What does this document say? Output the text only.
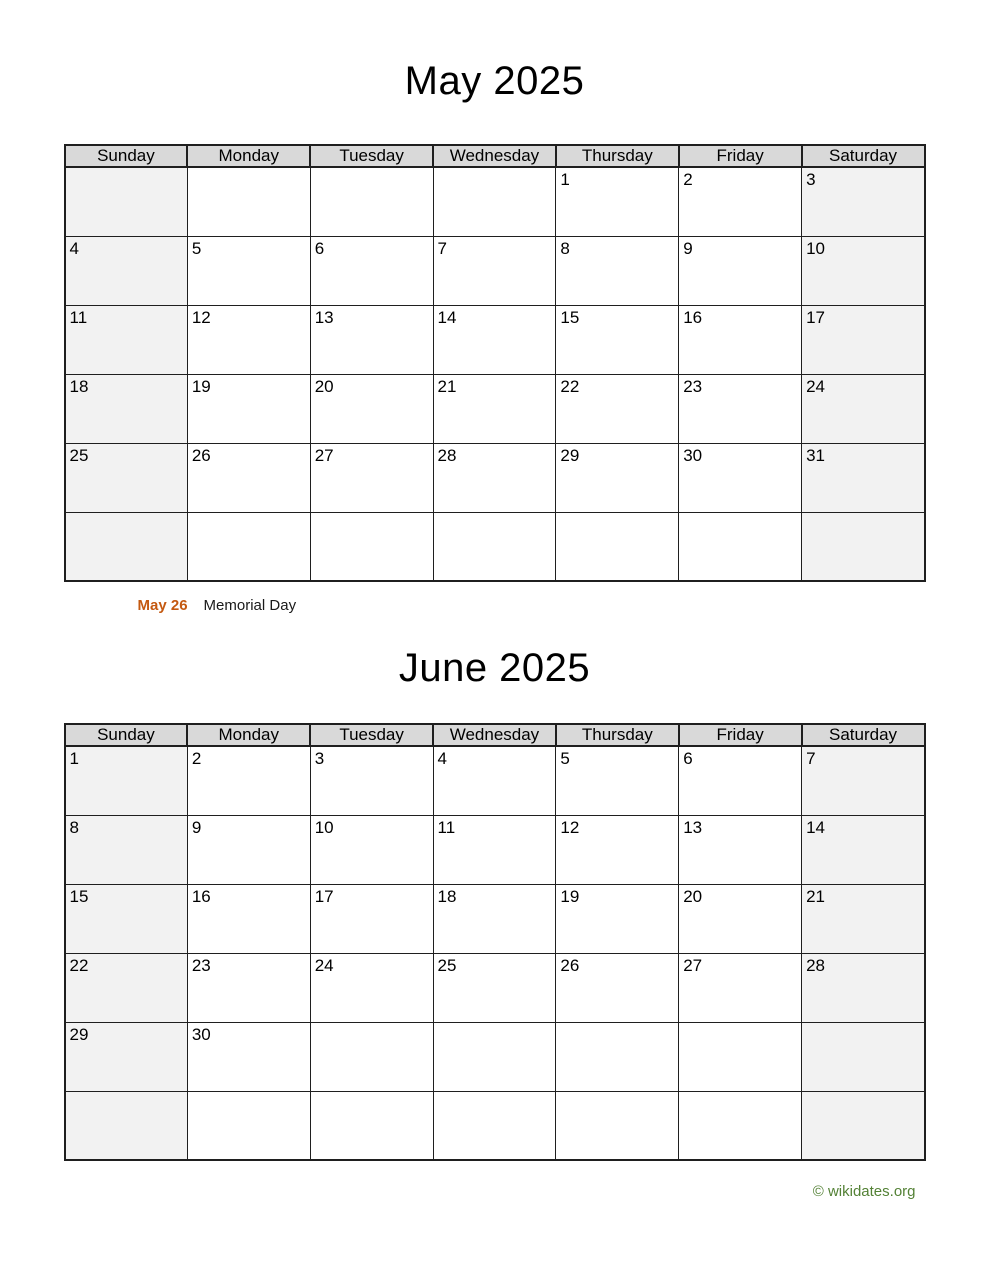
May 2025
Sunday	Monday	Tuesday	Wednesday	Thursday	Friday	Saturday

				1	2	3

4	5	6	7	8	9	10

11	12	13	14	15	16	17

18	19	20	21	22	23	24

25	26	27	28	29	30	31

May 26 Memorial Day
June 2025
Sunday	Monday	Tuesday	Wednesday	Thursday	Friday	Saturday

1	2	3	4	5	6	7

8	9	10	11	12	13	14

15	16	17	18	19	20	21

22	23	24	25	26	27	28

29	30					

© wikidates.org
